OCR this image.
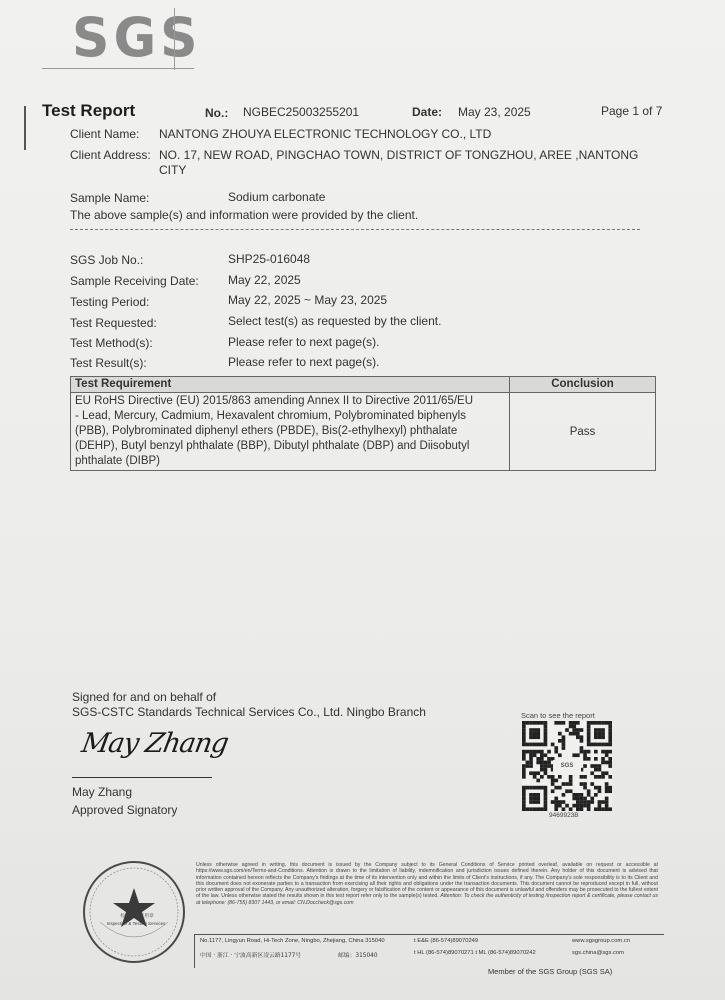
SGS
Test Report	No.: NGBEC25003255201	Date: May 23, 2025	Page 1 of 7
Client Name: NANTONG ZHOUYA ELECTRONIC TECHNOLOGY CO., LTD
Client Address: NO. 17, NEW ROAD, PINGCHAO TOWN, DISTRICT OF TONGZHOU, AREE ,NANTONG
CITY
Sample Name:	Sodium carbonate
The above sample(s) and information were provided by the client.
SGS Job No.:	SHP25-016048
Sample Receiving Date: May 22, 2025
Testing Period:	May 22, 2025 ~ May 23, 2025
Test Requested:	Select test(s) as requested by the client.
Test Method(s):	Please refer to next page(s).
Test Result(s):	Please refer to next page(s).
Test Requirement	Conclusion

EU RoHS Directive (EU) 2015/863 amending Annex II to Directive 2011/65/EU
- Lead, Mercury, Cadmium, Hexavalent chromium, Polybrominated biphenyls
(PBB), Polybrominated diphenyl ethers (PBDE), Bis(2-ethylhexyl) phthalate
(DEHP), Butyl benzyl phthalate (BBP), Dibutyl phthalate (DBP) and Diisobutyl
phthalate (DIBP)	Pass
Signed for and on behalf of
SGS-CSTC Standards Technical Services Co., Ltd. Ningbo Branch
May Zhang
May Zhang
Approved Signatory
Scan to see the report
SGS
9469923B
检验检测专用章
Inspection & Testing Services
Unless otherwise agreed in writing, this document is issued by the Company subject to its General Conditions of Service printed overleaf, available on request or accessible at https://www.sgs.com/en/Terms-and-Conditions. Attention is drawn to the limitation of liability, indemnification and jurisdiction issues defined therein. Any holder of this document is advised that information contained hereon reflects the Company's findings at the time of its intervention only and within the limits of Client's instructions, if any. The Company's sole responsibility is to its Client and this document does not exonerate parties to a transaction from exercising all their rights and obligations under the transaction documents. This document cannot be reproduced except in full, without prior written approval of the Company. Any unauthorized alteration, forgery or falsification of the content or appearance of this document is unlawful and offenders may be prosecuted to the fullest extent of the law. Unless otherwise stated the results shown in this test report refer only to the sample(s) tested. Attention: To check the authenticity of testing /inspection report & certificate, please contact us at telephone: (86-755) 8307 1443, or email: CN.Doccheck@sgs.com
No.1177, Lingyun Road, Hi-Tech Zone, Ningbo, Zhejiang, China 315040	t E&E (86-574)89070249	www.sgsgroup.com.cn
中国 · 浙江 · 宁波高新区凌云路1177号	邮编：315040	t HL (86-574)89070271 t ML (86-574)89070242	sgs.china@sgs.com
Member of the SGS Group (SGS SA)
